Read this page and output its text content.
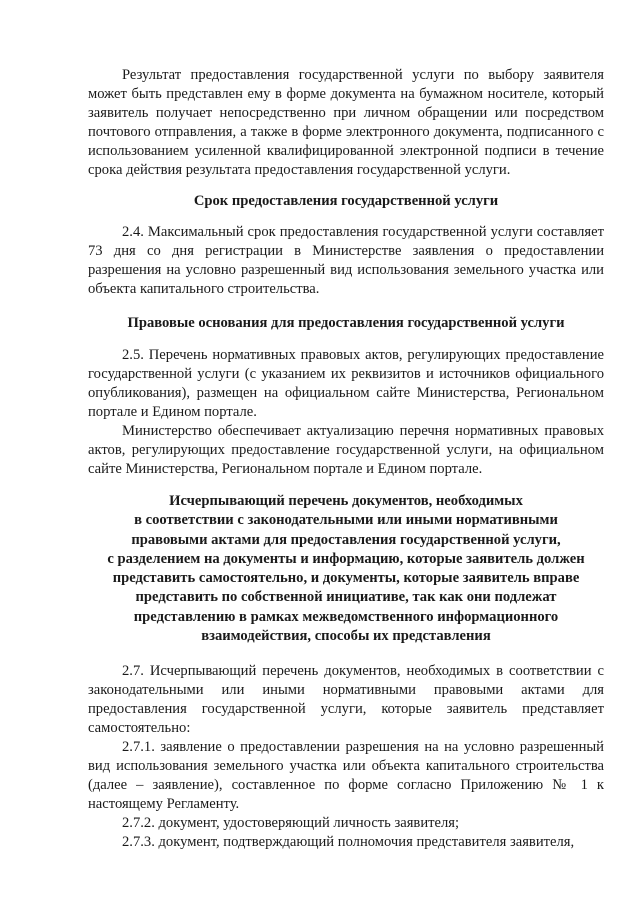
Результат предоставления государственной услуги по выбору заявителя может быть представлен ему в форме документа на бумажном носителе, который заявитель получает непосредственно при личном обращении или посредством почтового отправления, а также в форме электронного документа, подписанного с использованием усиленной квалифицированной электронной подписи в течение срока действия результата предоставления государственной услуги.

Срок предоставления государственной услуги

2.4. Максимальный срок предоставления государственной услуги составляет 73 дня со дня регистрации в Министерстве заявления о предоставлении разрешения на условно разрешенный вид использования земельного участка или объекта капитального строительства.

Правовые основания для предоставления государственной услуги

2.5. Перечень нормативных правовых актов, регулирующих предоставление государственной услуги (с указанием их реквизитов и источников официального опубликования), размещен на официальном сайте Министерства, Региональном портале и Едином портале.

Министерство обеспечивает актуализацию перечня нормативных правовых актов, регулирующих предоставление государственной услуги, на официальном сайте Министерства, Региональном портале и Едином портале.

Исчерпывающий перечень документов, необходимых
в соответствии с законодательными или иными нормативными
правовыми актами для предоставления государственной услуги,
с разделением на документы и информацию, которые заявитель должен
представить самостоятельно, и документы, которые заявитель вправе
представить по собственной инициативе, так как они подлежат
представлению в рамках межведомственного информационного
взаимодействия, способы их представления

2.7. Исчерпывающий перечень документов, необходимых в соответствии с законодательными или иными нормативными правовыми актами для предоставления государственной услуги, которые заявитель представляет самостоятельно:

2.7.1. заявление о предоставлении разрешения на на условно разрешенный вид использования земельного участка или объекта капитального строительства (далее – заявление), составленное по форме согласно Приложению № 1 к настоящему Регламенту.

2.7.2. документ, удостоверяющий личность заявителя;

2.7.3. документ, подтверждающий полномочия представителя заявителя,
